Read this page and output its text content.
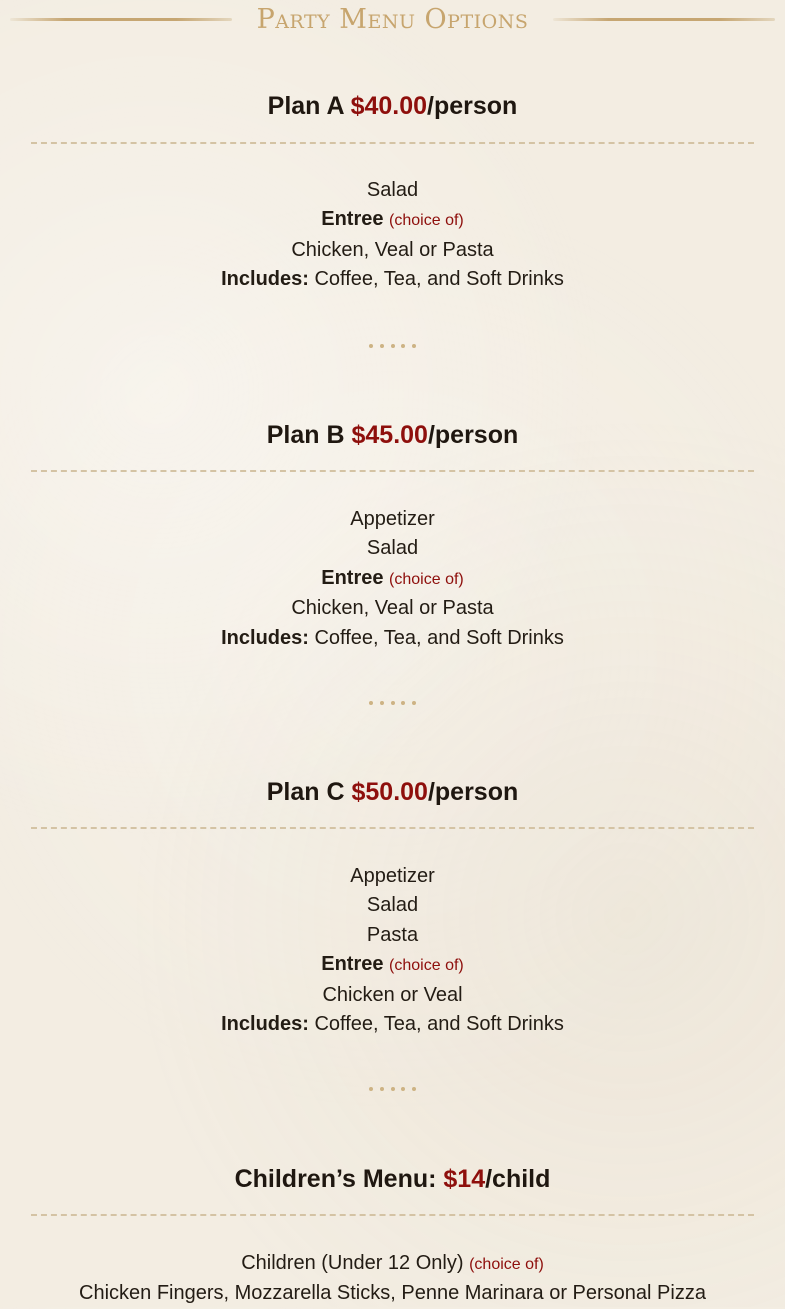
Party Menu Options
Plan A $40.00/person
Salad
Entree (choice of)
Chicken, Veal or Pasta
Includes: Coffee, Tea, and Soft Drinks
Plan B $45.00/person
Appetizer
Salad
Entree (choice of)
Chicken, Veal or Pasta
Includes: Coffee, Tea, and Soft Drinks
Plan C $50.00/person
Appetizer
Salad
Pasta
Entree (choice of)
Chicken or Veal
Includes: Coffee, Tea, and Soft Drinks
Children’s Menu: $14/child
Children (Under 12 Only) (choice of)
Chicken Fingers, Mozzarella Sticks, Penne Marinara or Personal Pizza
